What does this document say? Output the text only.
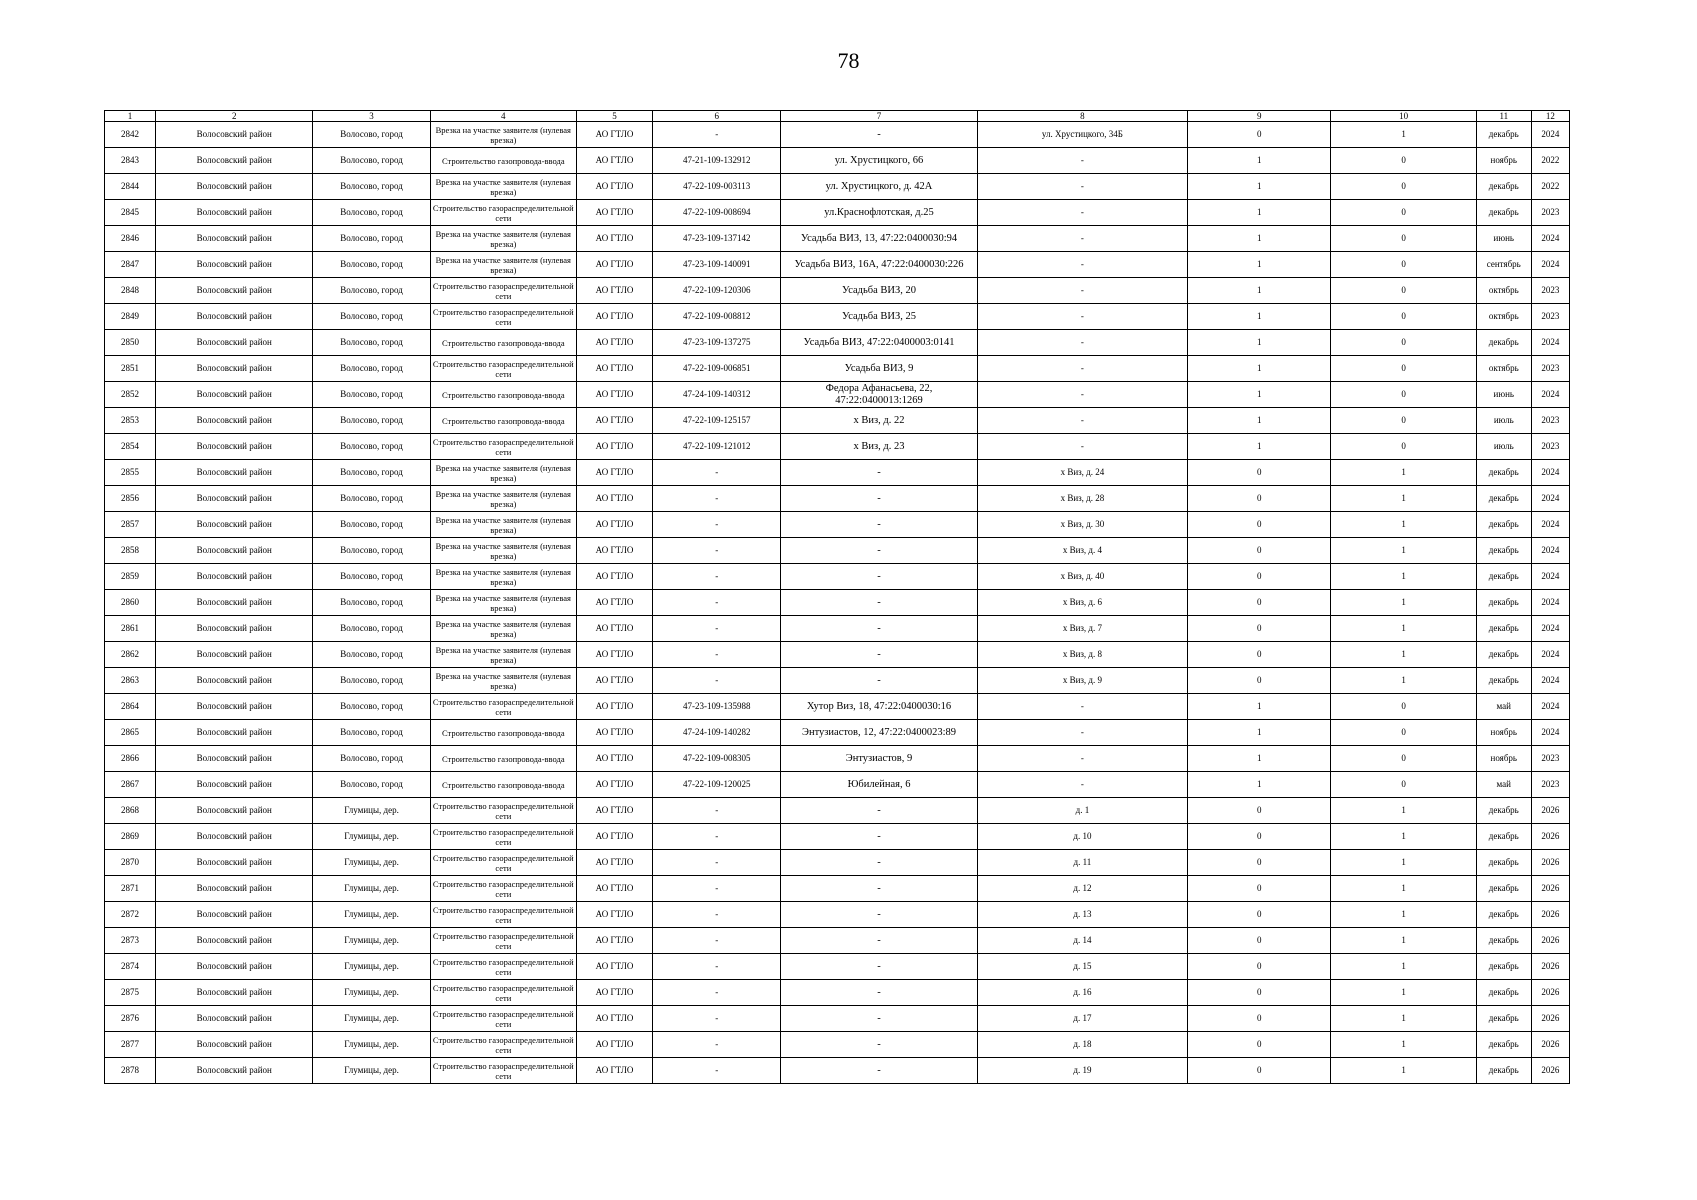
78
1	2	3	4	5	6	7	8	9	10	11	12
2842	Волосовский район	Волосово, город	Врезка на участке заявителя (нулевая врезка)	АО ГТЛО	-	-	ул. Хрустицкого, 34Б	0	1	декабрь	2024
2843	Волосовский район	Волосово, город	Строительство газопровода-ввода	АО ГТЛО	47-21-109-132912	ул. Хрустицкого, 66	-	1	0	ноябрь	2022
2844	Волосовский район	Волосово, город	Врезка на участке заявителя (нулевая врезка)	АО ГТЛО	47-22-109-003113	ул. Хрустицкого, д. 42А	-	1	0	декабрь	2022
2845	Волосовский район	Волосово, город	Строительство газораспределительной сети	АО ГТЛО	47-22-109-008694	ул.Краснофлотская, д.25	-	1	0	декабрь	2023
2846	Волосовский район	Волосово, город	Врезка на участке заявителя (нулевая врезка)	АО ГТЛО	47-23-109-137142	Усадьба ВИЗ, 13, 47:22:0400030:94	-	1	0	июнь	2024
2847	Волосовский район	Волосово, город	Врезка на участке заявителя (нулевая врезка)	АО ГТЛО	47-23-109-140091	Усадьба ВИЗ, 16А, 47:22:0400030:226	-	1	0	сентябрь	2024
2848	Волосовский район	Волосово, город	Строительство газораспределительной сети	АО ГТЛО	47-22-109-120306	Усадьба ВИЗ, 20	-	1	0	октябрь	2023
2849	Волосовский район	Волосово, город	Строительство газораспределительной сети	АО ГТЛО	47-22-109-008812	Усадьба ВИЗ, 25	-	1	0	октябрь	2023
2850	Волосовский район	Волосово, город	Строительство газопровода-ввода	АО ГТЛО	47-23-109-137275	Усадьба ВИЗ, 47:22:0400003:0141	-	1	0	декабрь	2024
2851	Волосовский район	Волосово, город	Строительство газораспределительной сети	АО ГТЛО	47-22-109-006851	Усадьба ВИЗ, 9	-	1	0	октябрь	2023
2852	Волосовский район	Волосово, город	Строительство газопровода-ввода	АО ГТЛО	47-24-109-140312	Федора Афанасьева, 22, 47:22:0400013:1269	-	1	0	июнь	2024
2853	Волосовский район	Волосово, город	Строительство газопровода-ввода	АО ГТЛО	47-22-109-125157	х Виз, д. 22	-	1	0	июль	2023
2854	Волосовский район	Волосово, город	Строительство газораспределительной сети	АО ГТЛО	47-22-109-121012	х Виз, д. 23	-	1	0	июль	2023
2855	Волосовский район	Волосово, город	Врезка на участке заявителя (нулевая врезка)	АО ГТЛО	-	-	х Виз, д. 24	0	1	декабрь	2024
2856	Волосовский район	Волосово, город	Врезка на участке заявителя (нулевая врезка)	АО ГТЛО	-	-	х Виз, д. 28	0	1	декабрь	2024
2857	Волосовский район	Волосово, город	Врезка на участке заявителя (нулевая врезка)	АО ГТЛО	-	-	х Виз, д. 30	0	1	декабрь	2024
2858	Волосовский район	Волосово, город	Врезка на участке заявителя (нулевая врезка)	АО ГТЛО	-	-	х Виз, д. 4	0	1	декабрь	2024
2859	Волосовский район	Волосово, город	Врезка на участке заявителя (нулевая врезка)	АО ГТЛО	-	-	х Виз, д. 40	0	1	декабрь	2024
2860	Волосовский район	Волосово, город	Врезка на участке заявителя (нулевая врезка)	АО ГТЛО	-	-	х Виз, д. 6	0	1	декабрь	2024
2861	Волосовский район	Волосово, город	Врезка на участке заявителя (нулевая врезка)	АО ГТЛО	-	-	х Виз, д. 7	0	1	декабрь	2024
2862	Волосовский район	Волосово, город	Врезка на участке заявителя (нулевая врезка)	АО ГТЛО	-	-	х Виз, д. 8	0	1	декабрь	2024
2863	Волосовский район	Волосово, город	Врезка на участке заявителя (нулевая врезка)	АО ГТЛО	-	-	х Виз, д. 9	0	1	декабрь	2024
2864	Волосовский район	Волосово, город	Строительство газораспределительной сети	АО ГТЛО	47-23-109-135988	Хутор Виз, 18, 47:22:0400030:16	-	1	0	май	2024
2865	Волосовский район	Волосово, город	Строительство газопровода-ввода	АО ГТЛО	47-24-109-140282	Энтузиастов, 12, 47:22:0400023:89	-	1	0	ноябрь	2024
2866	Волосовский район	Волосово, город	Строительство газопровода-ввода	АО ГТЛО	47-22-109-008305	Энтузиастов, 9	-	1	0	ноябрь	2023
2867	Волосовский район	Волосово, город	Строительство газопровода-ввода	АО ГТЛО	47-22-109-120025	Юбилейная, 6	-	1	0	май	2023
2868	Волосовский район	Глумицы, дер.	Строительство газораспределительной сети	АО ГТЛО	-	-	д. 1	0	1	декабрь	2026
2869	Волосовский район	Глумицы, дер.	Строительство газораспределительной сети	АО ГТЛО	-	-	д. 10	0	1	декабрь	2026
2870	Волосовский район	Глумицы, дер.	Строительство газораспределительной сети	АО ГТЛО	-	-	д. 11	0	1	декабрь	2026
2871	Волосовский район	Глумицы, дер.	Строительство газораспределительной сети	АО ГТЛО	-	-	д. 12	0	1	декабрь	2026
2872	Волосовский район	Глумицы, дер.	Строительство газораспределительной сети	АО ГТЛО	-	-	д. 13	0	1	декабрь	2026
2873	Волосовский район	Глумицы, дер.	Строительство газораспределительной сети	АО ГТЛО	-	-	д. 14	0	1	декабрь	2026
2874	Волосовский район	Глумицы, дер.	Строительство газораспределительной сети	АО ГТЛО	-	-	д. 15	0	1	декабрь	2026
2875	Волосовский район	Глумицы, дер.	Строительство газораспределительной сети	АО ГТЛО	-	-	д. 16	0	1	декабрь	2026
2876	Волосовский район	Глумицы, дер.	Строительство газораспределительной сети	АО ГТЛО	-	-	д. 17	0	1	декабрь	2026
2877	Волосовский район	Глумицы, дер.	Строительство газораспределительной сети	АО ГТЛО	-	-	д. 18	0	1	декабрь	2026
2878	Волосовский район	Глумицы, дер.	Строительство газораспределительной сети	АО ГТЛО	-	-	д. 19	0	1	декабрь	2026
